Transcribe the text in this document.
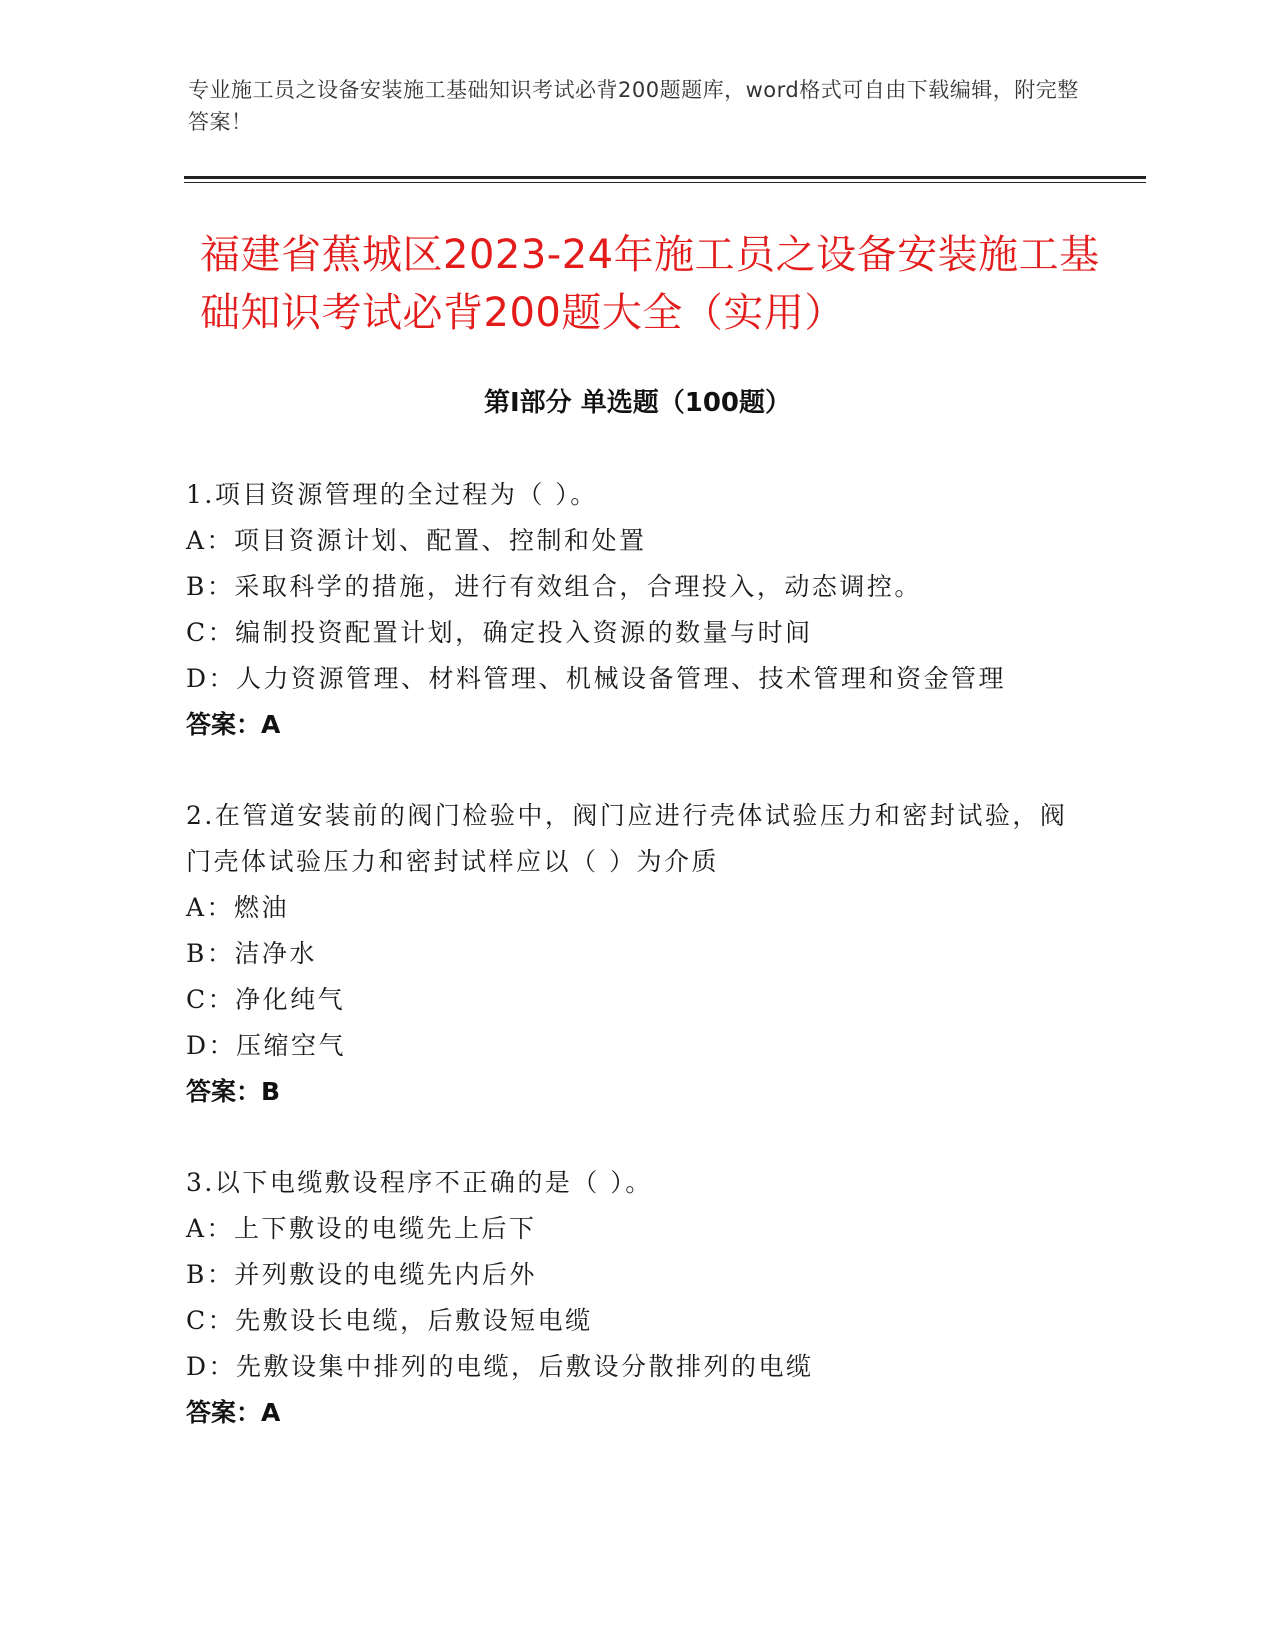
专业施工员之设备安装施工基础知识考试必背200题题库，word格式可自由下载编辑，附完整答案！
福建省蕉城区2023-24年施工员之设备安装施工基础知识考试必背200题大全（实用）
第I部分 单选题（100题）
1.项目资源管理的全过程为（ ）。
A：项目资源计划、配置、控制和处置
B：采取科学的措施，进行有效组合，合理投入，动态调控。
C：编制投资配置计划，确定投入资源的数量与时间
D：人力资源管理、材料管理、机械设备管理、技术管理和资金管理
答案：A
2.在管道安装前的阀门检验中，阀门应进行壳体试验压力和密封试验，阀门壳体试验压力和密封试样应以（ ）为介质
A：燃油
B：洁净水
C：净化纯气
D：压缩空气
答案：B
3.以下电缆敷设程序不正确的是（ ）。
A：上下敷设的电缆先上后下
B：并列敷设的电缆先内后外
C：先敷设长电缆，后敷设短电缆
D：先敷设集中排列的电缆，后敷设分散排列的电缆
答案：A
